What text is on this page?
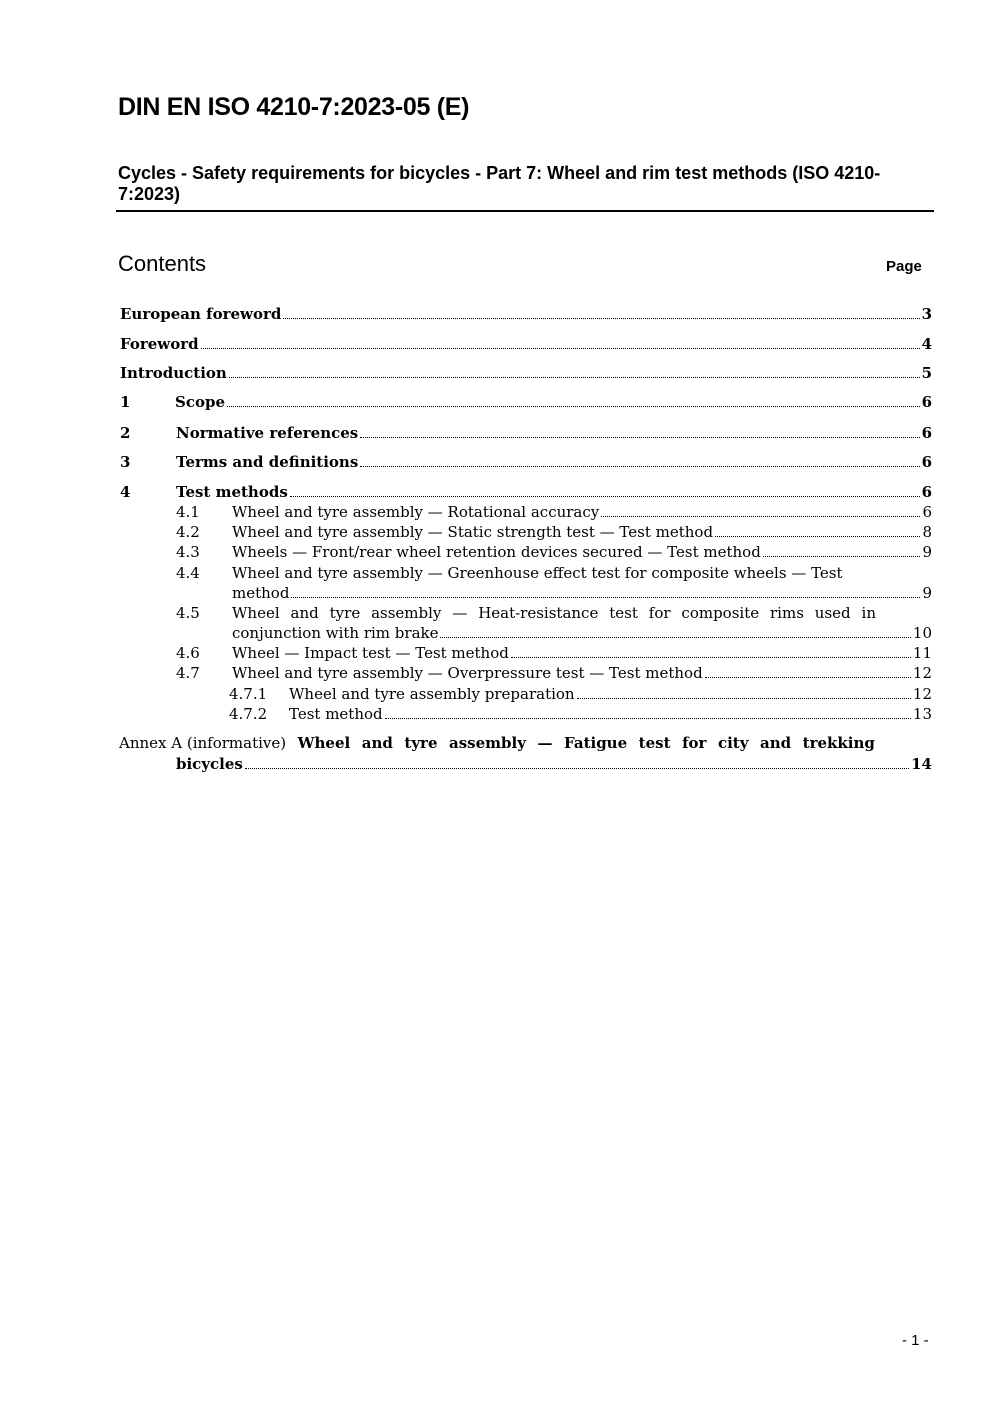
DIN EN ISO 4210-7:2023-05 (E)
Cycles - Safety requirements for bicycles - Part 7: Wheel and rim test methods (ISO 4210-7:2023)
Contents	Page
European foreword	3
Foreword	4
Introduction	5
1	Scope	6
2	Normative references	6
3	Terms and definitions	6
4	Test methods	6
4.1	Wheel and tyre assembly — Rotational accuracy	6
4.2	Wheel and tyre assembly — Static strength test — Test method	8
4.3	Wheels — Front/rear wheel retention devices secured — Test method	9
4.4 Wheel and tyre assembly — Greenhouse effect test for composite wheels — Test
method	9
4.5	Wheel and tyre assembly — Heat-resistance test for composite rims used in
conjunction with rim brake	10
4.6	Wheel — Impact test — Test method	11
4.7	Wheel and tyre assembly — Overpressure test — Test method	12
4.7.1	Wheel and tyre assembly preparation	12
4.7.2	Test method	13
Annex A (informative) Wheel and tyre assembly — Fatigue test for city and trekking
bicycles	14
- 1 -
